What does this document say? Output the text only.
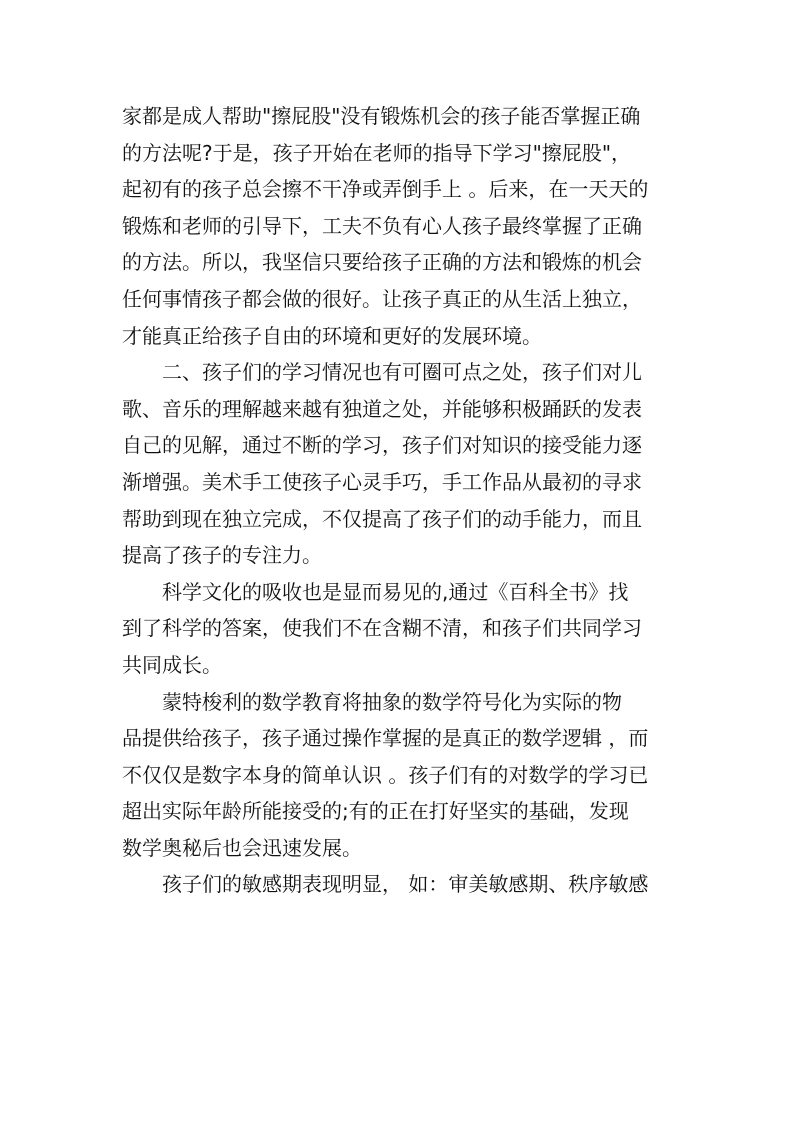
家都是成人帮助"擦屁股"没有锻炼机会的孩子能否掌握正确
的方法呢?于是，孩子开始在老师的指导下学习"擦屁股"，
起初有的孩子总会擦不干净或弄倒手上 。后来，在一天天的
锻炼和老师的引导下，工夫不负有心人孩子最终掌握了正确
的方法。所以，我坚信只要给孩子正确的方法和锻炼的机会
任何事情孩子都会做的很好。让孩子真正的从生活上独立，
才能真正给孩子自由的环境和更好的发展环境。
　　二、孩子们的学习情况也有可圈可点之处，孩子们对儿
歌、音乐的理解越来越有独道之处，并能够积极踊跃的发表
自己的见解，通过不断的学习，孩子们对知识的接受能力逐
渐增强。美术手工使孩子心灵手巧，手工作品从最初的寻求
帮助到现在独立完成，不仅提高了孩子们的动手能力，而且
提高了孩子的专注力。
　　科学文化的吸收也是显而易见的,通过《百科全书》找
到了科学的答案，使我们不在含糊不清，和孩子们共同学习
共同成长。
　　蒙特梭利的数学教育将抽象的数学符号化为实际的物
品提供给孩子，孩子通过操作掌握的是真正的数学逻辑 ，而
不仅仅是数字本身的简单认识 。孩子们有的对数学的学习已
超出实际年龄所能接受的;有的正在打好坚实的基础，发现
数学奥秘后也会迅速发展。
　　孩子们的敏感期表现明显， 如：审美敏感期、秩序敏感
